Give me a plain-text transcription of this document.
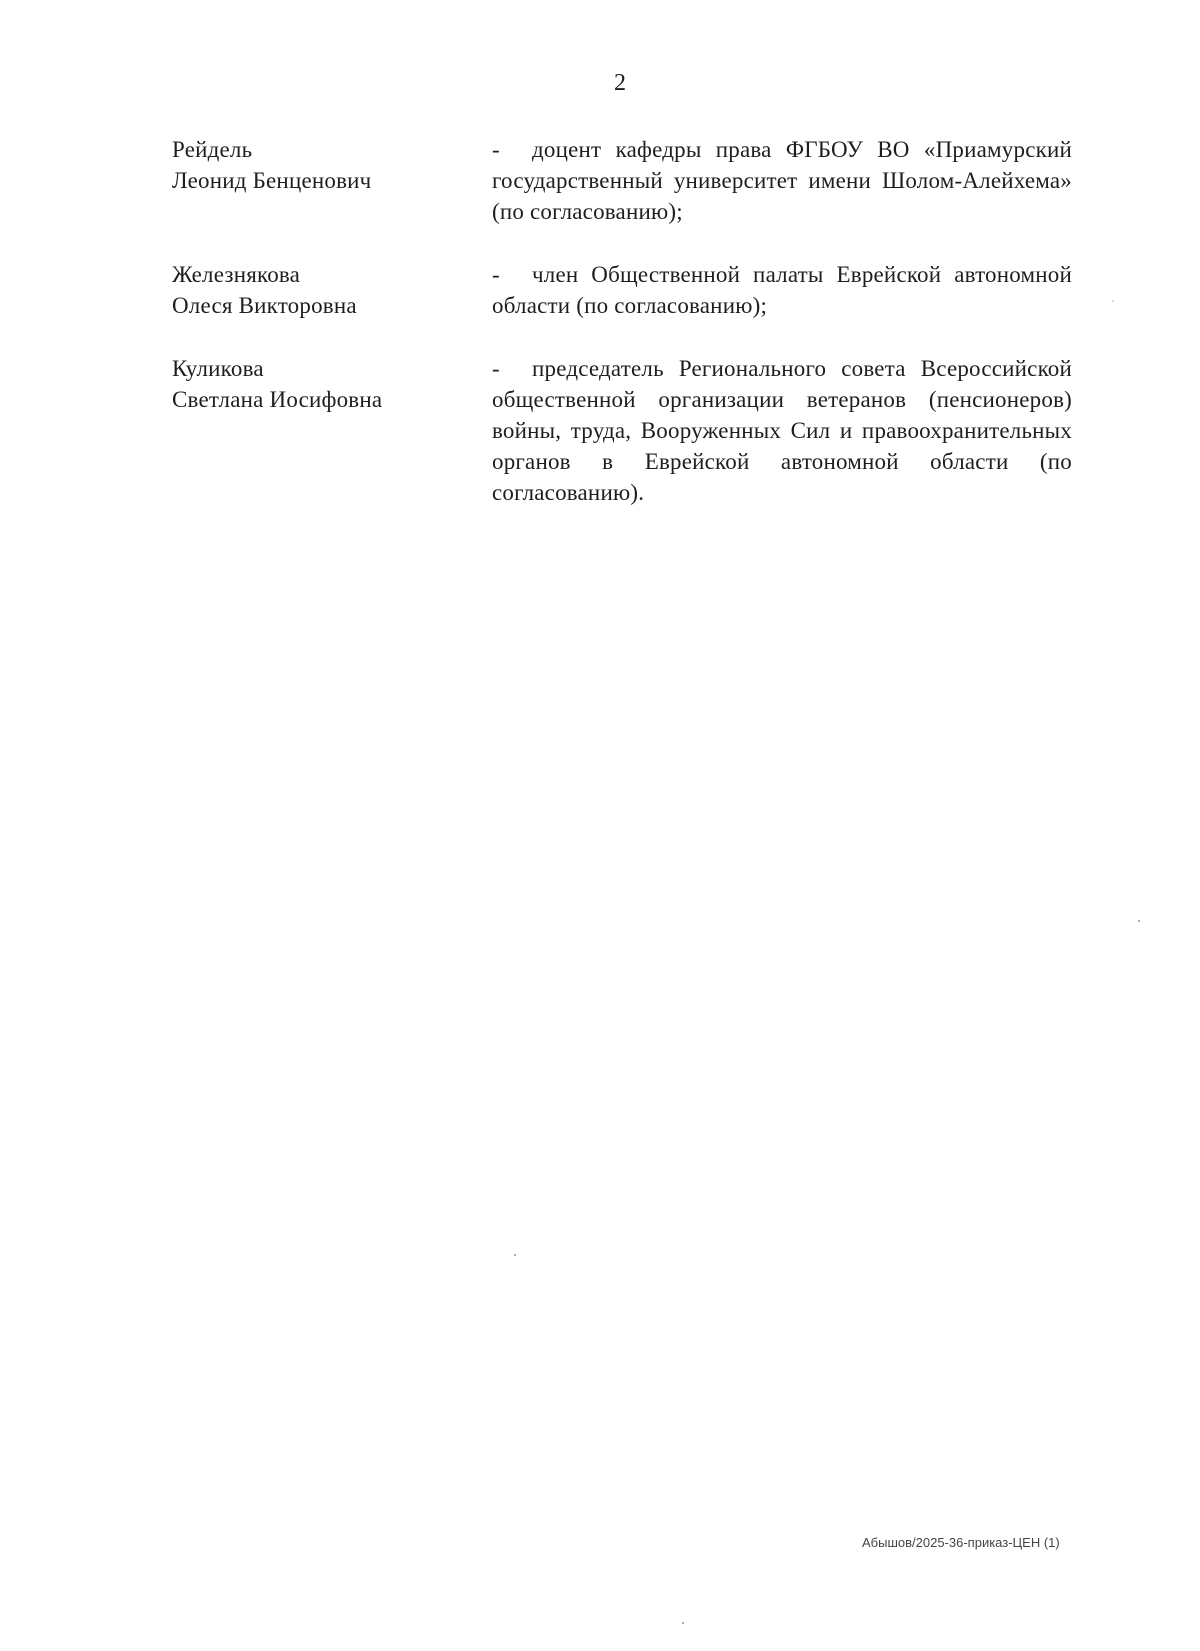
2
Рейдель
Леонид Бенценович
- доцент кафедры права ФГБОУ ВО «Приамурский государственный университет имени Шолом-Алейхема» (по согласованию);
Железнякова
Олеся Викторовна
- член Общественной палаты Еврейской автономной области (по согласованию);
Куликова
Светлана Иосифовна
- председатель Регионального совета Всероссийской общественной организации ветеранов (пенсионеров) войны, труда, Вооруженных Сил и правоохранительных органов в Еврейской автономной области (по согласованию).
Абышов/2025-36-приказ-ЦЕН (1)
